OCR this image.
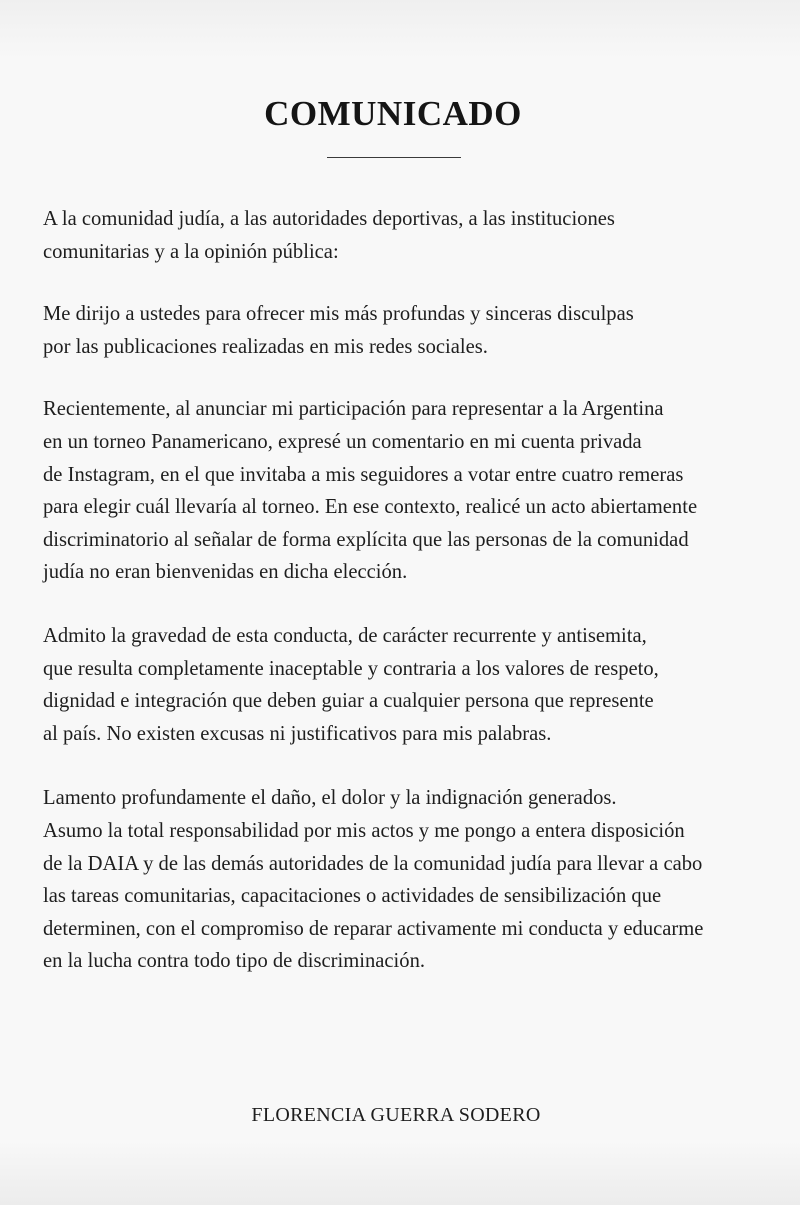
COMUNICADO

A la comunidad judía, a las autoridades deportivas, a las instituciones
comunitarias y a la opinión pública:

Me dirijo a ustedes para ofrecer mis más profundas y sinceras disculpas
por las publicaciones realizadas en mis redes sociales.

Recientemente, al anunciar mi participación para representar a la Argentina
en un torneo Panamericano, expresé un comentario en mi cuenta privada
de Instagram, en el que invitaba a mis seguidores a votar entre cuatro remeras
para elegir cuál llevaría al torneo. En ese contexto, realicé un acto abiertamente
discriminatorio al señalar de forma explícita que las personas de la comunidad
judía no eran bienvenidas en dicha elección.

Admito la gravedad de esta conducta, de carácter recurrente y antisemita,
que resulta completamente inaceptable y contraria a los valores de respeto,
dignidad e integración que deben guiar a cualquier persona que represente
al país. No existen excusas ni justificativos para mis palabras.

Lamento profundamente el daño, el dolor y la indignación generados.
Asumo la total responsabilidad por mis actos y me pongo a entera disposición
de la DAIA y de las demás autoridades de la comunidad judía para llevar a cabo
las tareas comunitarias, capacitaciones o actividades de sensibilización que
determinen, con el compromiso de reparar activamente mi conducta y educarme
en la lucha contra todo tipo de discriminación.

FLORENCIA GUERRA SODERO
